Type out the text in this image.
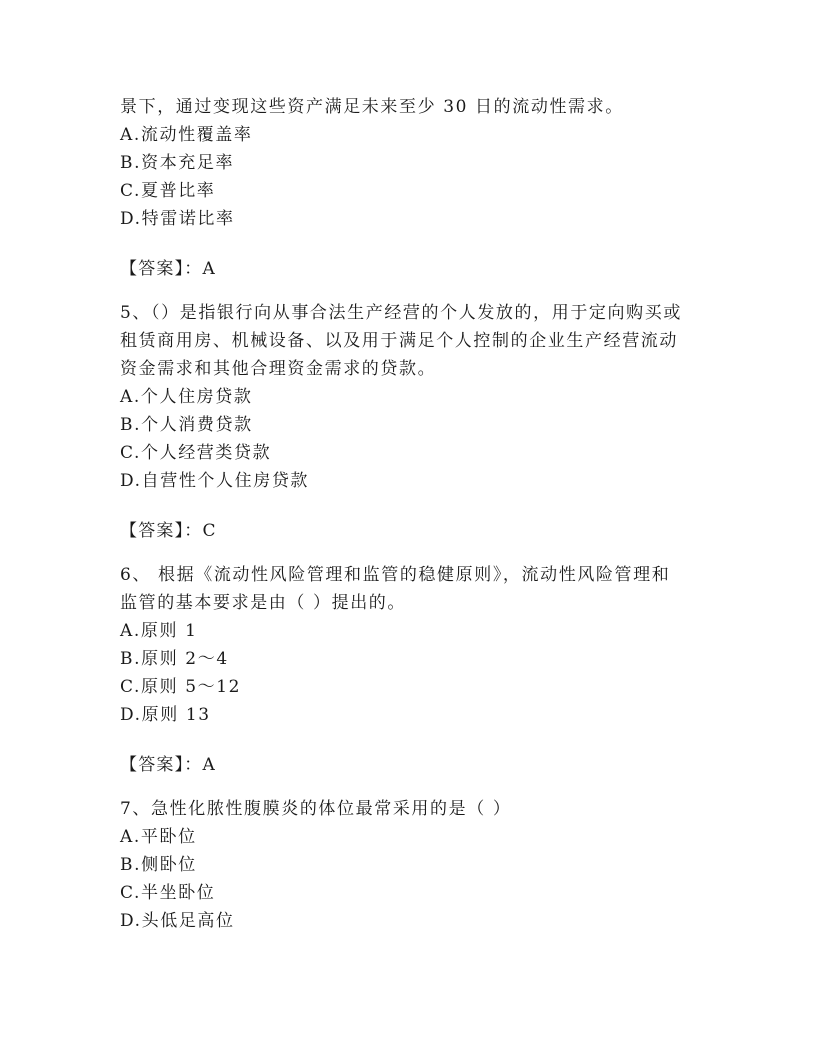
景下，通过变现这些资产满足未来至少 30 日的流动性需求。
A.流动性覆盖率
B.资本充足率
C.夏普比率
D.特雷诺比率
【答案】：A
5、（）是指银行向从事合法生产经营的个人发放的，用于定向购买或
租赁商用房、机械设备、以及用于满足个人控制的企业生产经营流动
资金需求和其他合理资金需求的贷款。
A.个人住房贷款
B.个人消费贷款
C.个人经营类贷款
D.自营性个人住房贷款
【答案】：C
6、 根据《流动性风险管理和监管的稳健原则》，流动性风险管理和
监管的基本要求是由（ ）提出的。
A.原则 1
B.原则 2～4
C.原则 5～12
D.原则 13
【答案】：A
7、急性化脓性腹膜炎的体位最常采用的是（ ）
A.平卧位
B.侧卧位
C.半坐卧位
D.头低足高位
